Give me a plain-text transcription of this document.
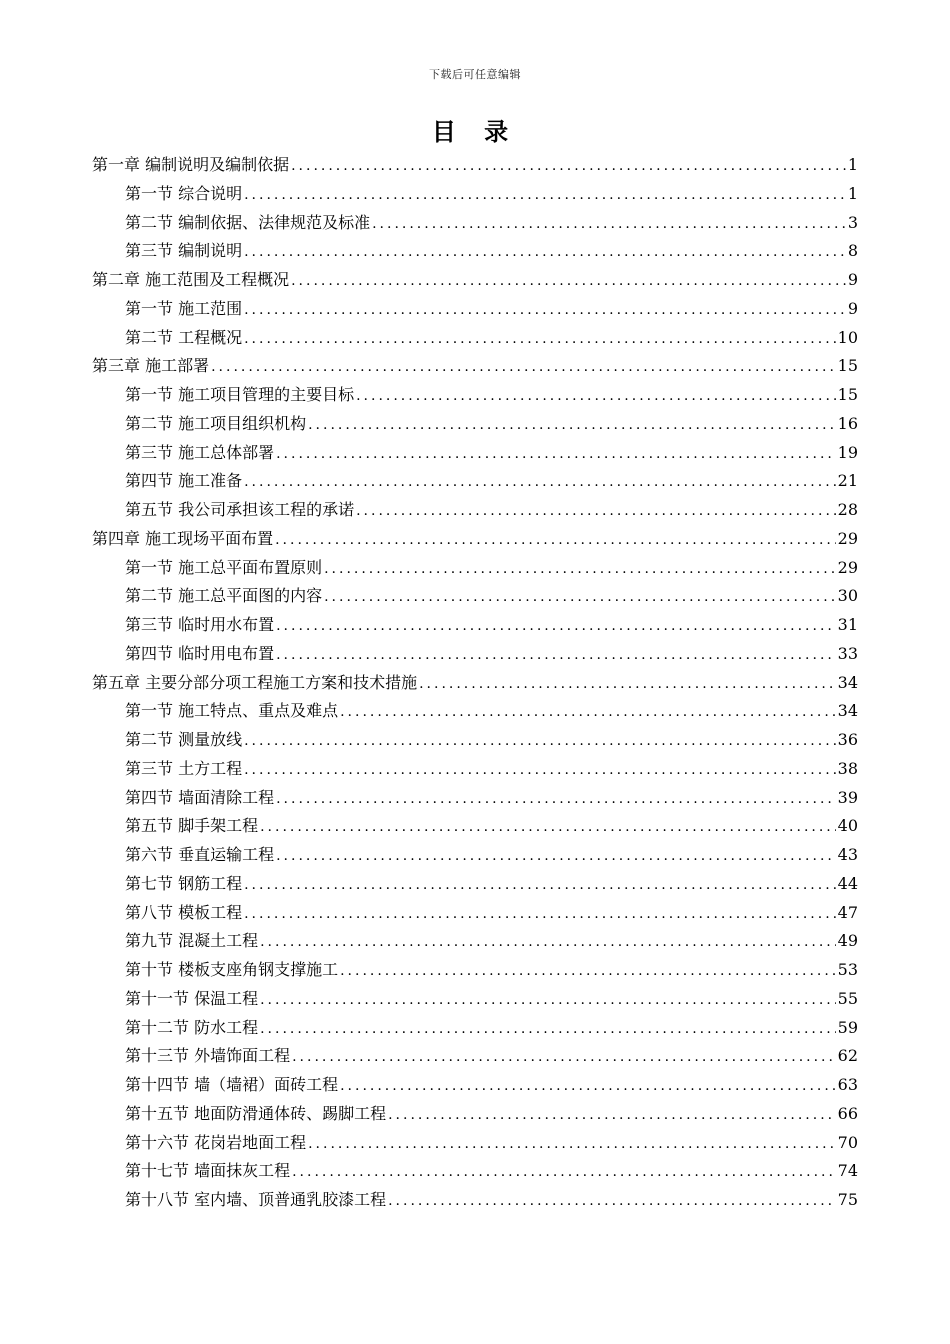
下载后可任意编辑
目 录
第一章 编制说明及编制依据 .....	1
第一节 综合说明 .....	1
第二节 编制依据、法律规范及标准 .....	3
第三节 编制说明 .....	8
第二章 施工范围及工程概况 .....	9
第一节 施工范围 .....	9
第二节 工程概况 .....	10
第三章 施工部署 .....	15
第一节 施工项目管理的主要目标 .....	15
第二节 施工项目组织机构 .....	16
第三节 施工总体部署 .....	19
第四节 施工准备 .....	21
第五节 我公司承担该工程的承诺 .....	28
第四章 施工现场平面布置 .....	29
第一节 施工总平面布置原则 .....	29
第二节 施工总平面图的内容 .....	30
第三节 临时用水布置 .....	31
第四节 临时用电布置 .....	33
第五章 主要分部分项工程施工方案和技术措施 .....	34
第一节 施工特点、重点及难点 .....	34
第二节 测量放线 .....	36
第三节 土方工程 .....	38
第四节 墙面清除工程 .....	39
第五节 脚手架工程 .....	40
第六节 垂直运输工程 .....	43
第七节 钢筋工程 .....	44
第八节 模板工程 .....	47
第九节 混凝土工程 .....	49
第十节 楼板支座角钢支撑施工 .....	53
第十一节 保温工程 .....	55
第十二节 防水工程 .....	59
第十三节 外墙饰面工程 .....	62
第十四节 墙（墙裙）面砖工程 .....	63
第十五节 地面防滑通体砖、踢脚工程 .....	66
第十六节 花岗岩地面工程 .....	70
第十七节 墙面抹灰工程 .....	74
第十八节 室内墙、顶普通乳胶漆工程 .....	75
